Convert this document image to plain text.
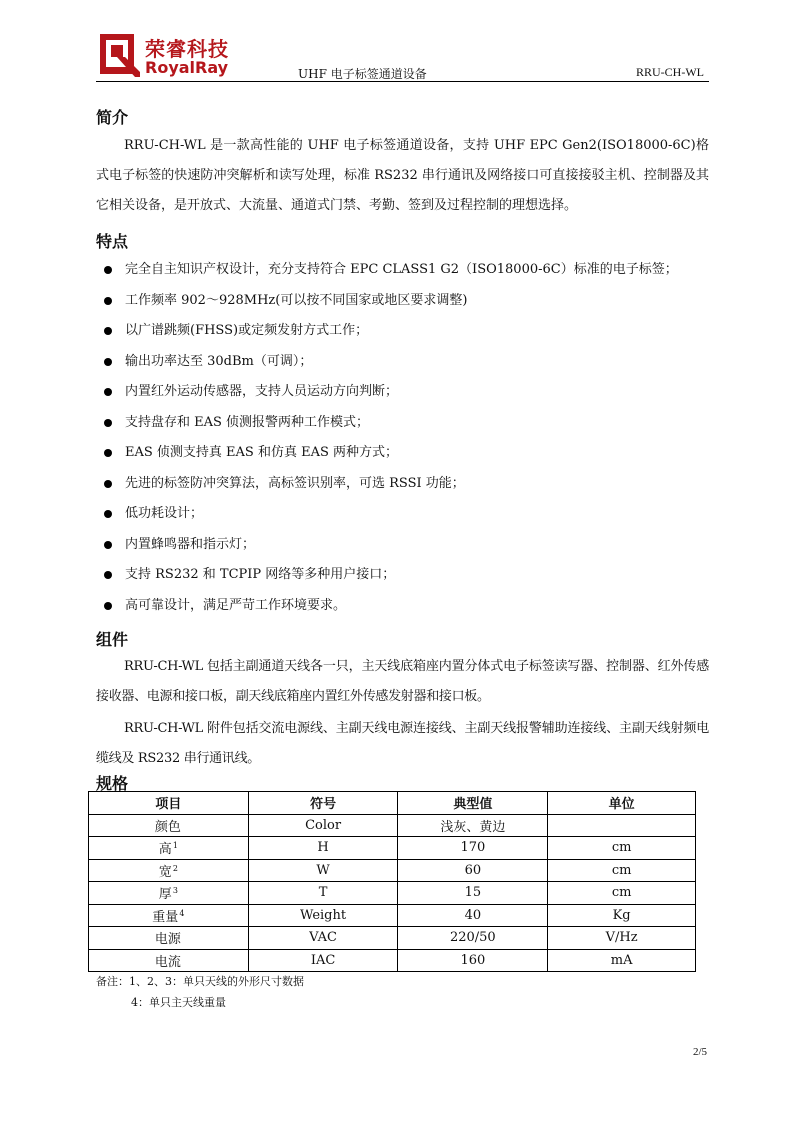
荣睿科技
RoyalRay	UHF 电子标签通道设备	RRU-CH-WL
简介

RRU-CH-WL 是一款高性能的 UHF 电子标签通道设备，支持 UHF EPC Gen2(ISO18000-6C)格式电子标签的快速防冲突解析和读写处理，标准 RS232 串行通讯及网络接口可直接接驳主机、控制器及其它相关设备，是开放式、大流量、通道式门禁、考勤、签到及过程控制的理想选择。

特点
完全自主知识产权设计，充分支持符合 EPC CLASS1 G2（ISO18000-6C）标准的电子标签；
工作频率 902～928MHz(可以按不同国家或地区要求调整)
以广谱跳频(FHSS)或定频发射方式工作；
输出功率达至 30dBm（可调）；
内置红外运动传感器，支持人员运动方向判断；
支持盘存和 EAS 侦测报警两种工作模式；
EAS 侦测支持真 EAS 和仿真 EAS 两种方式；
先进的标签防冲突算法，高标签识别率，可选 RSSI 功能；
低功耗设计；
内置蜂鸣器和指示灯；
支持 RS232 和 TCPIP 网络等多种用户接口；
高可靠设计，满足严苛工作环境要求。
组件

RRU-CH-WL 包括主副通道天线各一只，主天线底箱座内置分体式电子标签读写器、控制器、红外传感接收器、电源和接口板，副天线底箱座内置红外传感发射器和接口板。

RRU-CH-WL 附件包括交流电源线、主副天线电源连接线、主副天线报警辅助连接线、主副天线射频电缆线及 RS232 串行通讯线。

规格
项目	符号	典型值	单位
颜色	Color	浅灰、黄边	
高$^1$	H	170	cm
宽$^2$	W	60	cm
厚$^3$	T	15	cm
重量$^4$	Weight	40	Kg
电源	VAC	220/50	V/Hz
电流	IAC	160	mA
备注：1、2、3：单只天线的外形尺寸数据
4：单只主天线重量
2/5
